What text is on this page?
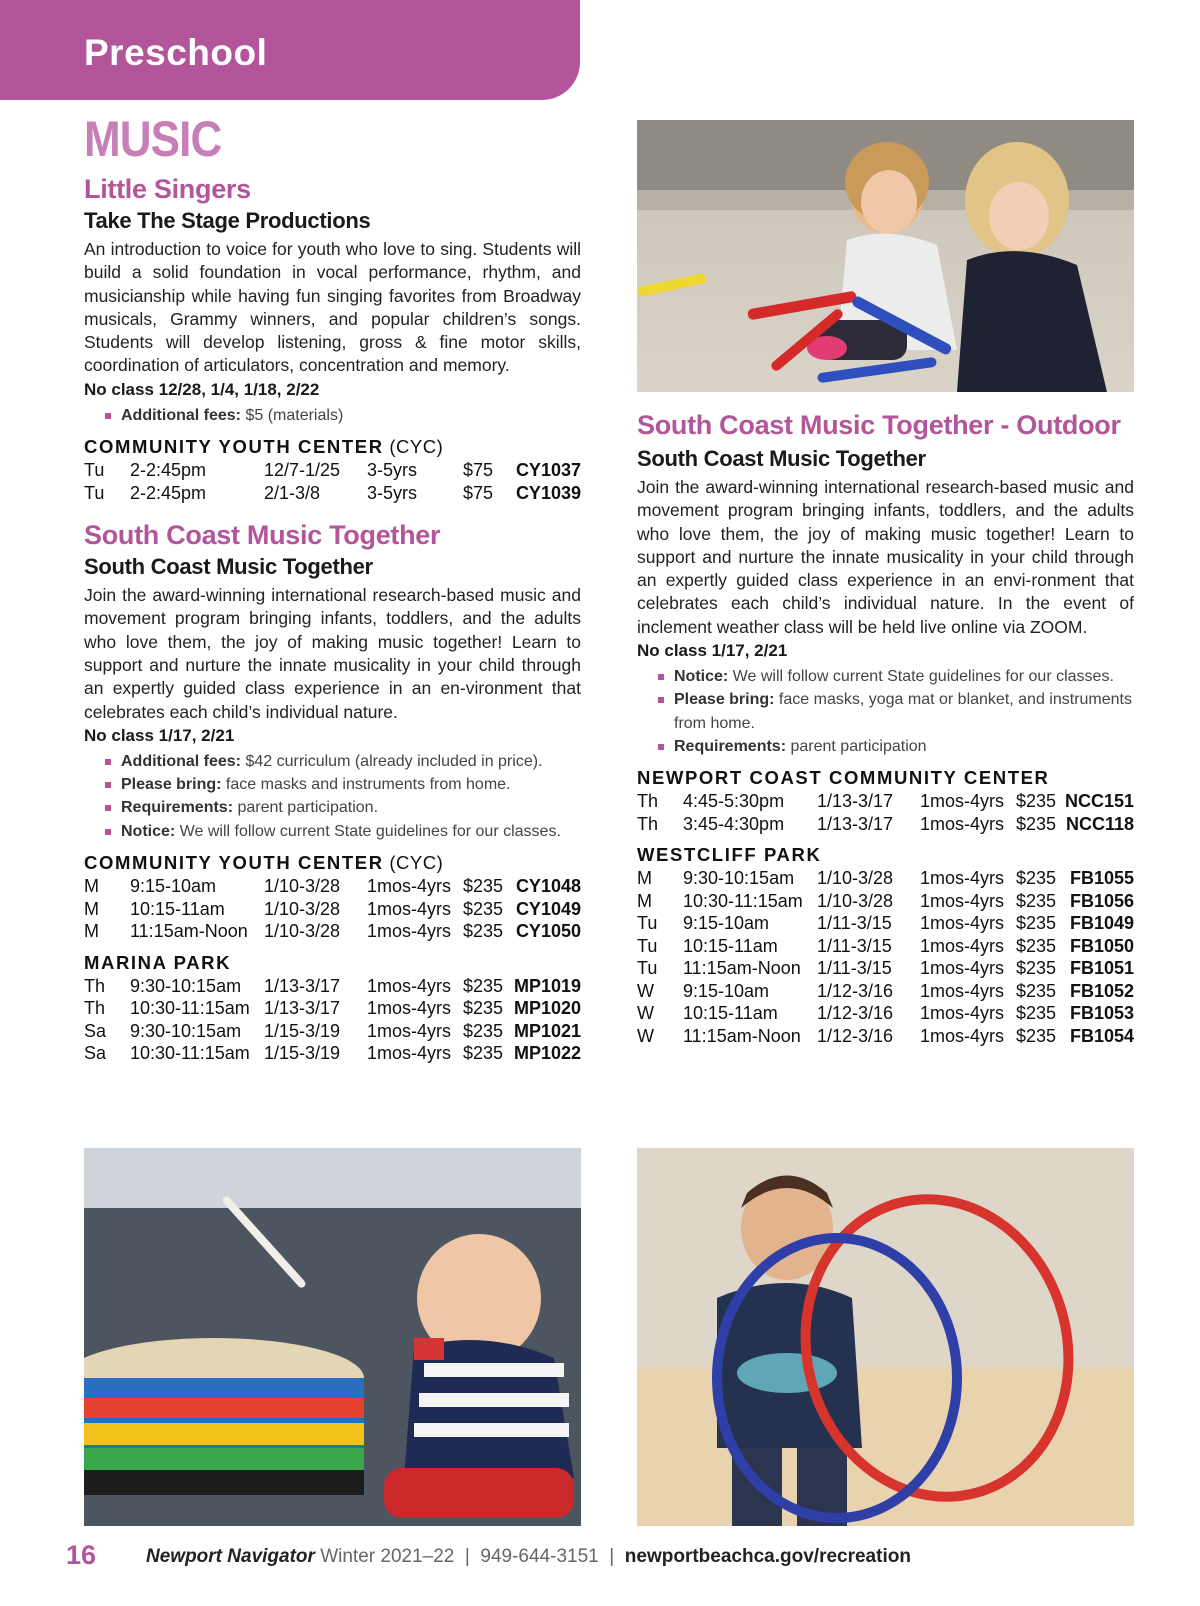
Preschool
MUSIC
Little Singers
Take The Stage Productions

An introduction to voice for youth who love to sing. Students will build a solid foundation in vocal performance, rhythm, and musicianship while having fun singing favorites from Broadway musicals, Grammy winners, and popular children’s songs. Students will develop listening, gross & fine motor skills, coordination of articulators, concentration and memory.

No class 12/28, 1/4, 1/18, 2/22

Additional fees: $5 (materials)
COMMUNITY YOUTH CENTER (CYC)
Tu	2-2:45pm	12/7-1/25	3-5yrs	$75	CY1037
Tu	2-2:45pm	2/1-3/8	3-5yrs	$75	CY1039
South Coast Music Together
South Coast Music Together

Join the award-winning international research-based music and movement program bringing infants, toddlers, and the adults who love them, the joy of making music together! Learn to support and nurture the innate musicality in your child through an expertly guided class experience in an en-vironment that celebrates each child’s individual nature.

No class 1/17, 2/21

Additional fees: $42 curriculum (already included in price).
Please bring: face masks and instruments from home.
Requirements: parent participation.
Notice: We will follow current State guidelines for our classes.
COMMUNITY YOUTH CENTER (CYC)
M	9:15-10am	1/10-3/28	1mos-4yrs	$235	CY1048
M	10:15-11am	1/10-3/28	1mos-4yrs	$235	CY1049
M	11:15am-Noon	1/10-3/28	1mos-4yrs	$235	CY1050
MARINA PARK
Th	9:30-10:15am	1/13-3/17	1mos-4yrs	$235	MP1019
Th	10:30-11:15am	1/13-3/17	1mos-4yrs	$235	MP1020
Sa	9:30-10:15am	1/15-3/19	1mos-4yrs	$235	MP1021
Sa	10:30-11:15am	1/15-3/19	1mos-4yrs	$235	MP1022
South Coast Music Together - Outdoor
South Coast Music Together

Join the award-winning international research-based music and movement program bringing infants, toddlers, and the adults who love them, the joy of making music together! Learn to support and nurture the innate musicality in your child through an expertly guided class experience in an envi-ronment that celebrates each child’s individual nature. In the event of inclement weather class will be held live online via ZOOM.

No class 1/17, 2/21

Notice: We will follow current State guidelines for our classes.
Please bring: face masks, yoga mat or blanket, and instruments from home.
Requirements: parent participation
NEWPORT COAST COMMUNITY CENTER
Th	4:45-5:30pm	1/13-3/17	1mos-4yrs	$235	NCC151
Th	3:45-4:30pm	1/13-3/17	1mos-4yrs	$235	NCC118
WESTCLIFF PARK
M	9:30-10:15am	1/10-3/28	1mos-4yrs	$235	FB1055
M	10:30-11:15am	1/10-3/28	1mos-4yrs	$235	FB1056
Tu	9:15-10am	1/11-3/15	1mos-4yrs	$235	FB1049
Tu	10:15-11am	1/11-3/15	1mos-4yrs	$235	FB1050
Tu	11:15am-Noon	1/11-3/15	1mos-4yrs	$235	FB1051
W	9:15-10am	1/12-3/16	1mos-4yrs	$235	FB1052
W	10:15-11am	1/12-3/16	1mos-4yrs	$235	FB1053
W	11:15am-Noon	1/12-3/16	1mos-4yrs	$235	FB1054
16	Newport Navigator Winter 2021–22 | 949-644-3151 | newportbeachca.gov/recreation
